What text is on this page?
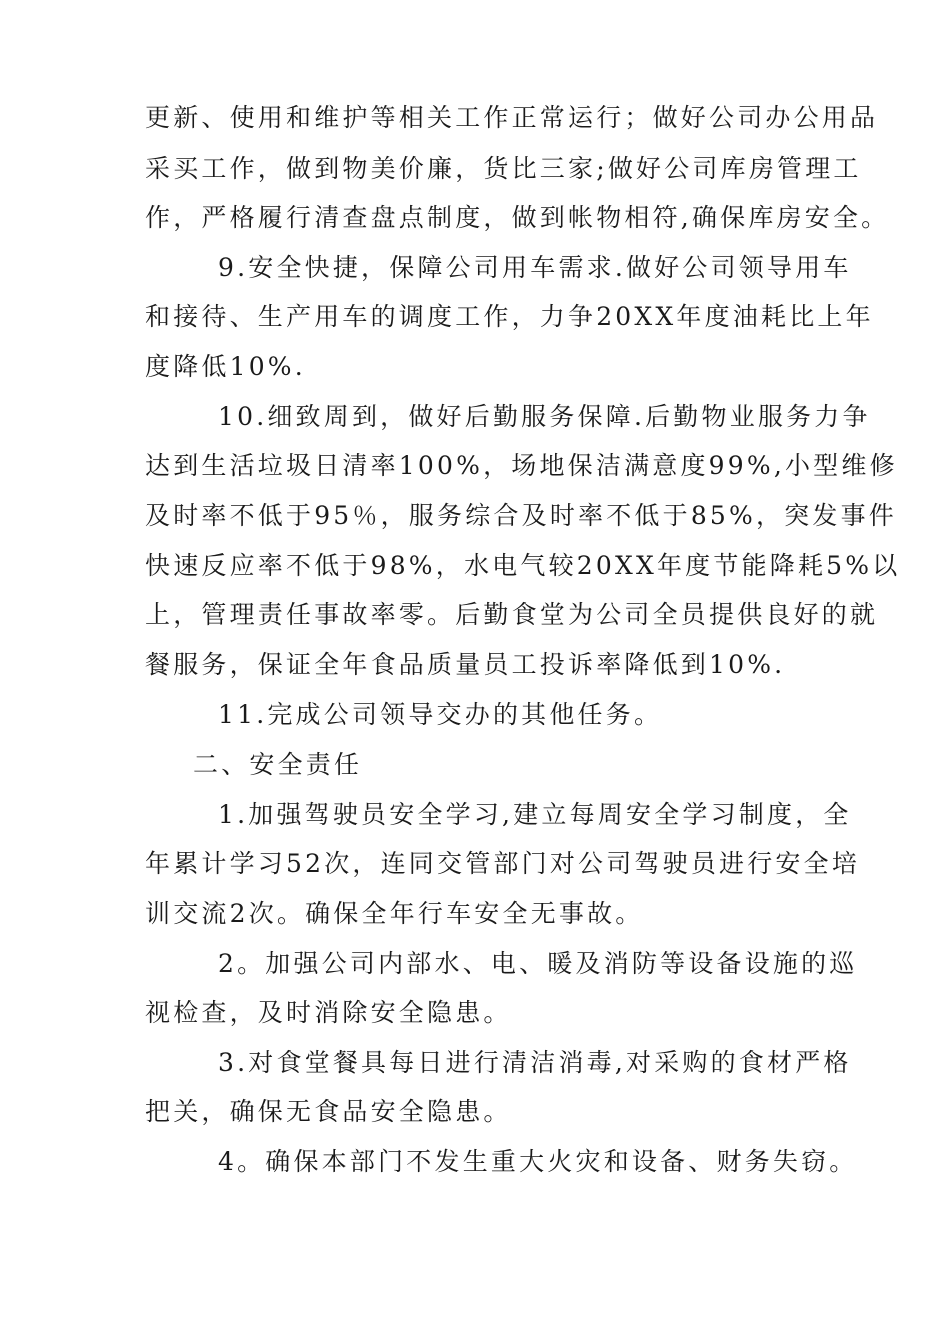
更新、使用和维护等相关工作正常运行；做好公司办公用品
采买工作，做到物美价廉，货比三家;做好公司库房管理工
作，严格履行清查盘点制度，做到帐物相符,确保库房安全。
9.安全快捷，保障公司用车需求.做好公司领导用车
和接待、生产用车的调度工作，力争20XX年度油耗比上年
度降低10%.
10.细致周到，做好后勤服务保障.后勤物业服务力争
达到生活垃圾日清率100%，场地保洁满意度99%,小型维修
及时率不低于95％，服务综合及时率不低于85%，突发事件
快速反应率不低于98%，水电气较20XX年度节能降耗5%以
上，管理责任事故率零。后勤食堂为公司全员提供良好的就
餐服务，保证全年食品质量员工投诉率降低到10%.
11.完成公司领导交办的其他任务。
二、安全责任
1.加强驾驶员安全学习,建立每周安全学习制度，全
年累计学习52次，连同交管部门对公司驾驶员进行安全培
训交流2次。确保全年行车安全无事故。
2。加强公司内部水、电、暖及消防等设备设施的巡
视检查，及时消除安全隐患。
3.对食堂餐具每日进行清洁消毒,对采购的食材严格
把关，确保无食品安全隐患。
4。确保本部门不发生重大火灾和设备、财务失窃。
